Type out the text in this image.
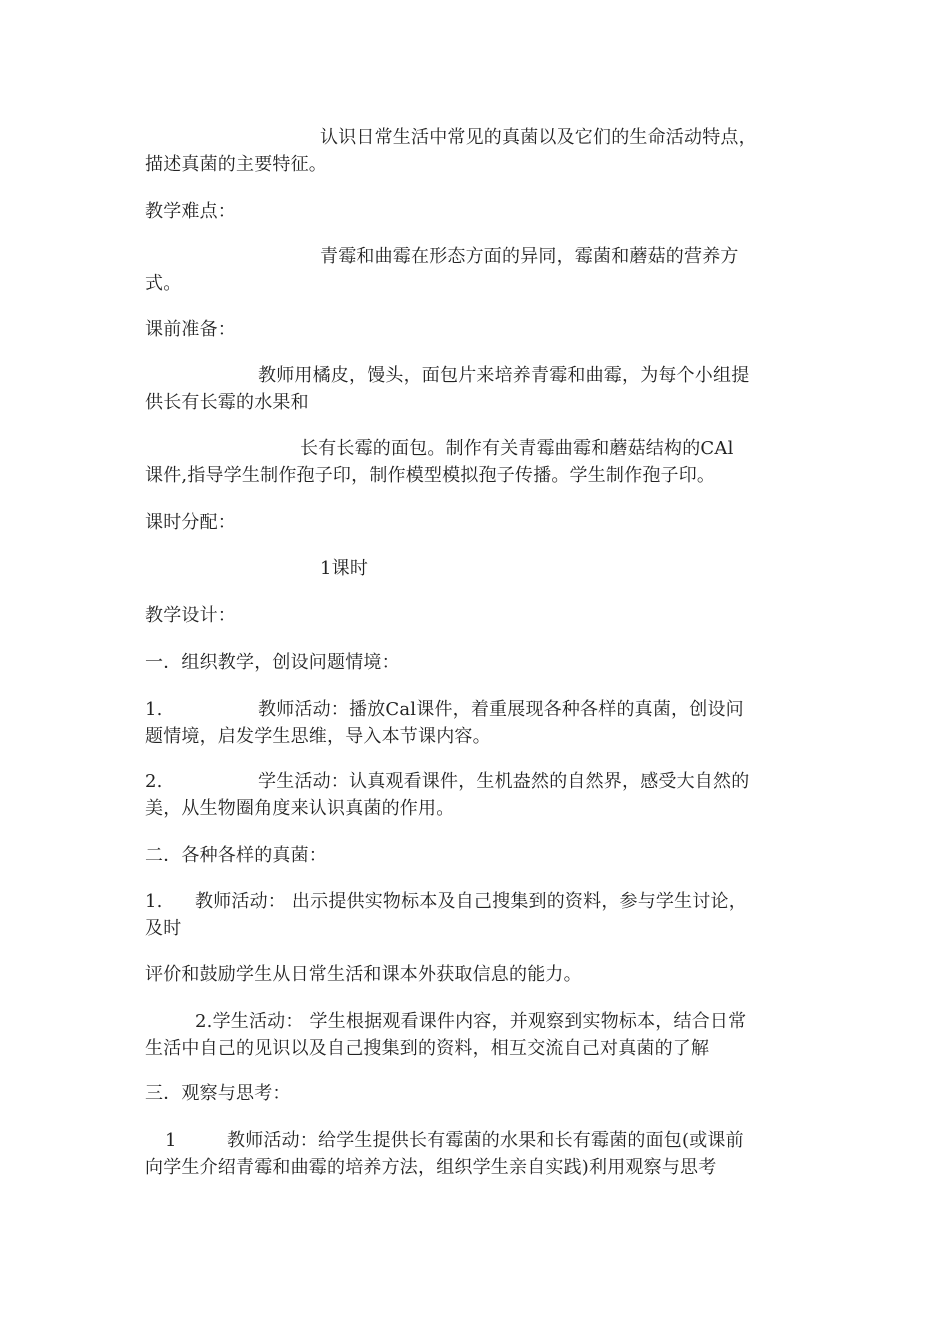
认识日常生活中常见的真菌以及它们的生命活动特点，
描述真菌的主要特征。

教学难点：

青霉和曲霉在形态方面的异同，霉菌和蘑菇的营养方
式。

课前准备：

教师用橘皮，馒头，面包片来培养青霉和曲霉，为每个小组提
供长有长霉的水果和

长有长霉的面包。制作有关青霉曲霉和蘑菇结构的CAl
课件,指导学生制作孢子印，制作模型模拟孢子传播。学生制作孢子印。

课时分配：

1课时

教学设计：

一．组织教学，创设问题情境：

1.	教师活动：播放Cal课件，着重展现各种各样的真菌，创设问
题情境，启发学生思维，导入本节课内容。

2.	学生活动：认真观看课件，生机盎然的自然界，感受大自然的
美，从生物圈角度来认识真菌的作用。

二．各种各样的真菌：

1. 教师活动： 出示提供实物标本及自己搜集到的资料，参与学生讨论，
及时

评价和鼓励学生从日常生活和课本外获取信息的能力。

2.学生活动： 学生根据观看课件内容，并观察到实物标本，结合日常
生活中自己的见识以及自己搜集到的资料，相互交流自己对真菌的了解

三．观察与思考：

1	教师活动：给学生提供长有霉菌的水果和长有霉菌的面包(或课前
向学生介绍青霉和曲霉的培养方法，组织学生亲自实践)利用观察与思考
